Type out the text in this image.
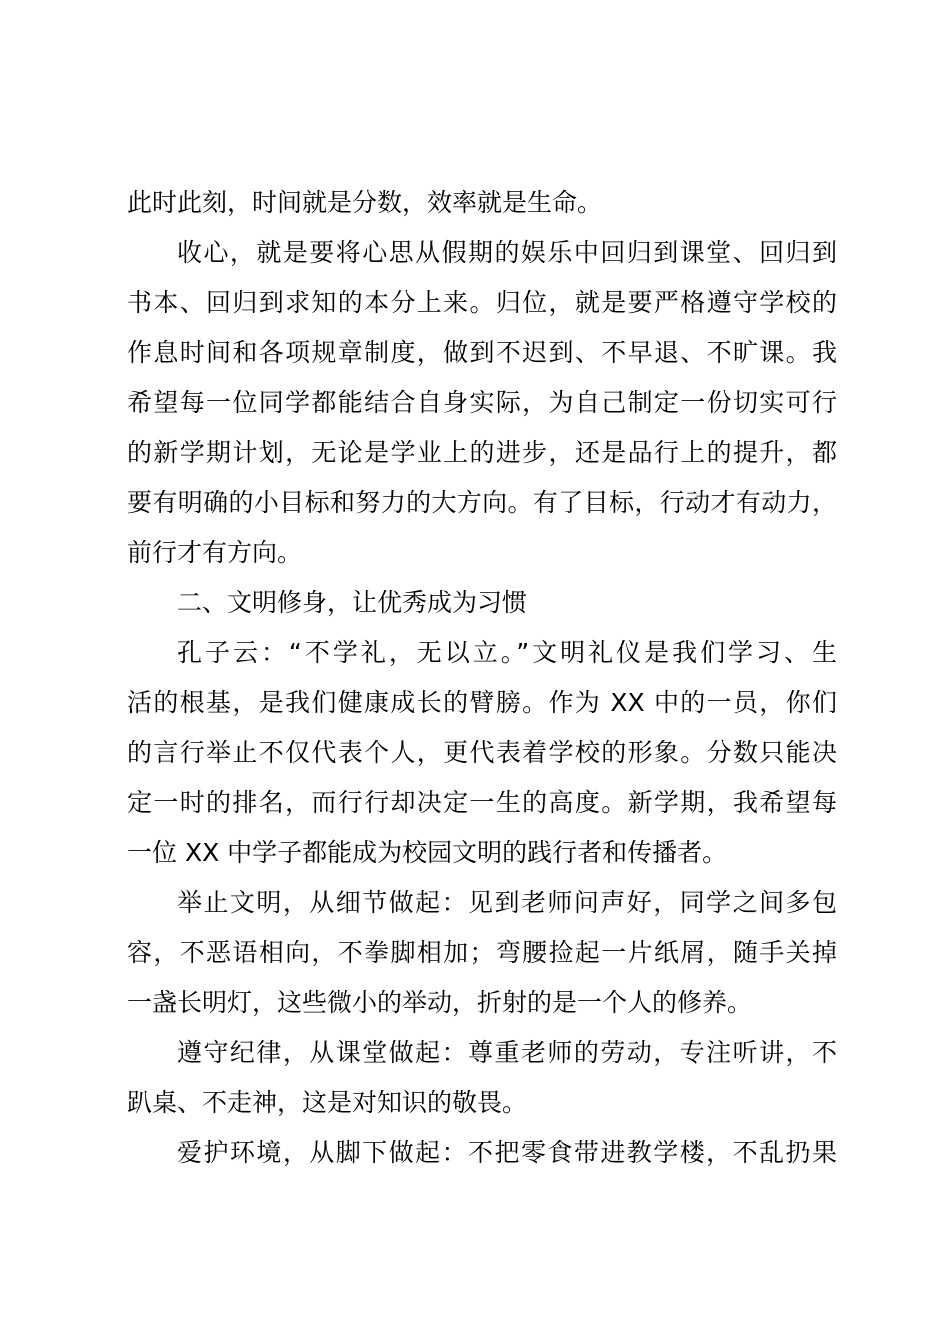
此时此刻，时间就是分数，效率就是生命。
收心，就是要将心思从假期的娱乐中回归到课堂、回归到
书本、回归到求知的本分上来。归位，就是要严格遵守学校的
作息时间和各项规章制度，做到不迟到、不早退、不旷课。我
希望每一位同学都能结合自身实际，为自己制定一份切实可行
的新学期计划，无论是学业上的进步，还是品行上的提升，都
要有明确的小目标和努力的大方向。有了目标，行动才有动力，
前行才有方向。
二、文明修身，让优秀成为习惯
孔子云：“不学礼，无以立。”文明礼仪是我们学习、生
活的根基，是我们健康成长的臂膀。作为 XX 中的一员，你们
的言行举止不仅代表个人，更代表着学校的形象。分数只能决
定一时的排名，而行行却决定一生的高度。新学期，我希望每
一位 XX 中学子都能成为校园文明的践行者和传播者。
举止文明，从细节做起：见到老师问声好，同学之间多包
容，不恶语相向，不拳脚相加；弯腰捡起一片纸屑，随手关掉
一盏长明灯，这些微小的举动，折射的是一个人的修养。
遵守纪律，从课堂做起：尊重老师的劳动，专注听讲，不
趴桌、不走神，这是对知识的敬畏。
爱护环境，从脚下做起：不把零食带进教学楼，不乱扔果
